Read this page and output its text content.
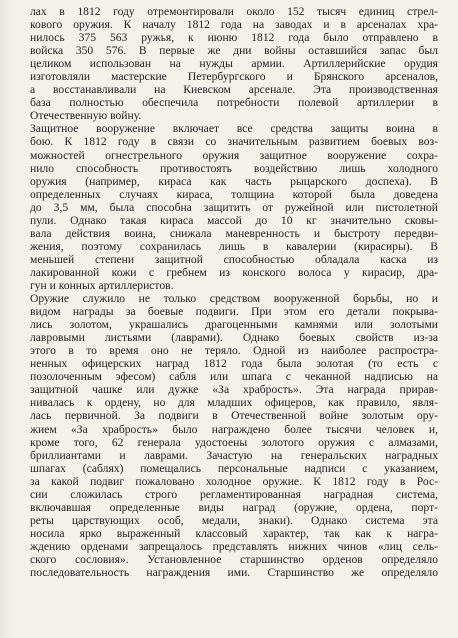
лах в 1812 году отремонтировали около 152 тысяч единиц стрел-
кового оружия. К началу 1812 года на заводах и в арсеналах хра-
нилось 375 563 ружья, к июню 1812 года было отправлено в
войска 350 576. В первые же дни войны оставшийся запас был
целиком использован на нужды армии. Артиллерийские орудия
изготовляли мастерские Петербургского и Брянского арсеналов,
а восстанавливали на Киевском арсенале. Эта производственная
база полностью обеспечила потребности полевой артиллерии в
Отечественную войну.
Защитное вооружение включает все средства защиты воина в
бою. К 1812 году в связи со значительным развитием боевых воз-
можностей огнестрельного оружия защитное вооружение сохра-
нило способность противостоять воздействию лишь холодного
оружия (например, кираса как часть рыцарского доспеха). В
определенных случаях кираса, толщина которой была доведена
до 3,5 мм, была способна защитить от ружейной или пистолетной
пули. Однако такая кираса массой до 10 кг значительно сковы-
вала действия воина, снижала маневренность и быстроту передви-
жения, поэтому сохранилась лишь в кавалерии (кирасиры). В
меньшей степени защитной способностью обладала каска из
лакированной кожи с гребнем из конского волоса у кирасир, дра-
гун и конных артиллеристов.
Оружие служило не только средством вооруженной борьбы, но и
видом награды за боевые подвиги. При этом его детали покрыва-
лись золотом, украшались драгоценными камнями или золотыми
лавровыми листьями (лаврами). Однако боевых свойств из-за
этого в то время оно не теряло. Одной из наиболее распростра-
ненных офицерских наград 1812 года была золотая (то есть с
позолоченным эфесом) сабля или шпага с чеканной надписью на
защитной чашке или дужке «За храбрость». Эта награда прирав-
нивалась к ордену, но для младших офицеров, как правило, явля-
лась первичной. За подвиги в Отечественной войне золотым ору-
жием «За храбрость» было награждено более тысячи человек и,
кроме того, 62 генерала удостоены золотого оружия с алмазами,
бриллиантами и лаврами. Зачастую на генеральских наградных
шпагах (саблях) помещались персональные надписи с указанием,
за какой подвиг пожаловано холодное оружие. К 1812 году в Рос-
сии сложилась строго регламентированная наградная система,
включавшая определенные виды наград (оружие, ордена, порт-
реты царствующих особ, медали, знаки). Однако система эта
носила ярко выраженный классовый характер, так как к награ-
ждению орденами запрещалось представлять нижних чинов «лиц сель-
ского сословия». Установленное старшинство орденов определяло
последовательность награждения ими. Старшинство же определяло
